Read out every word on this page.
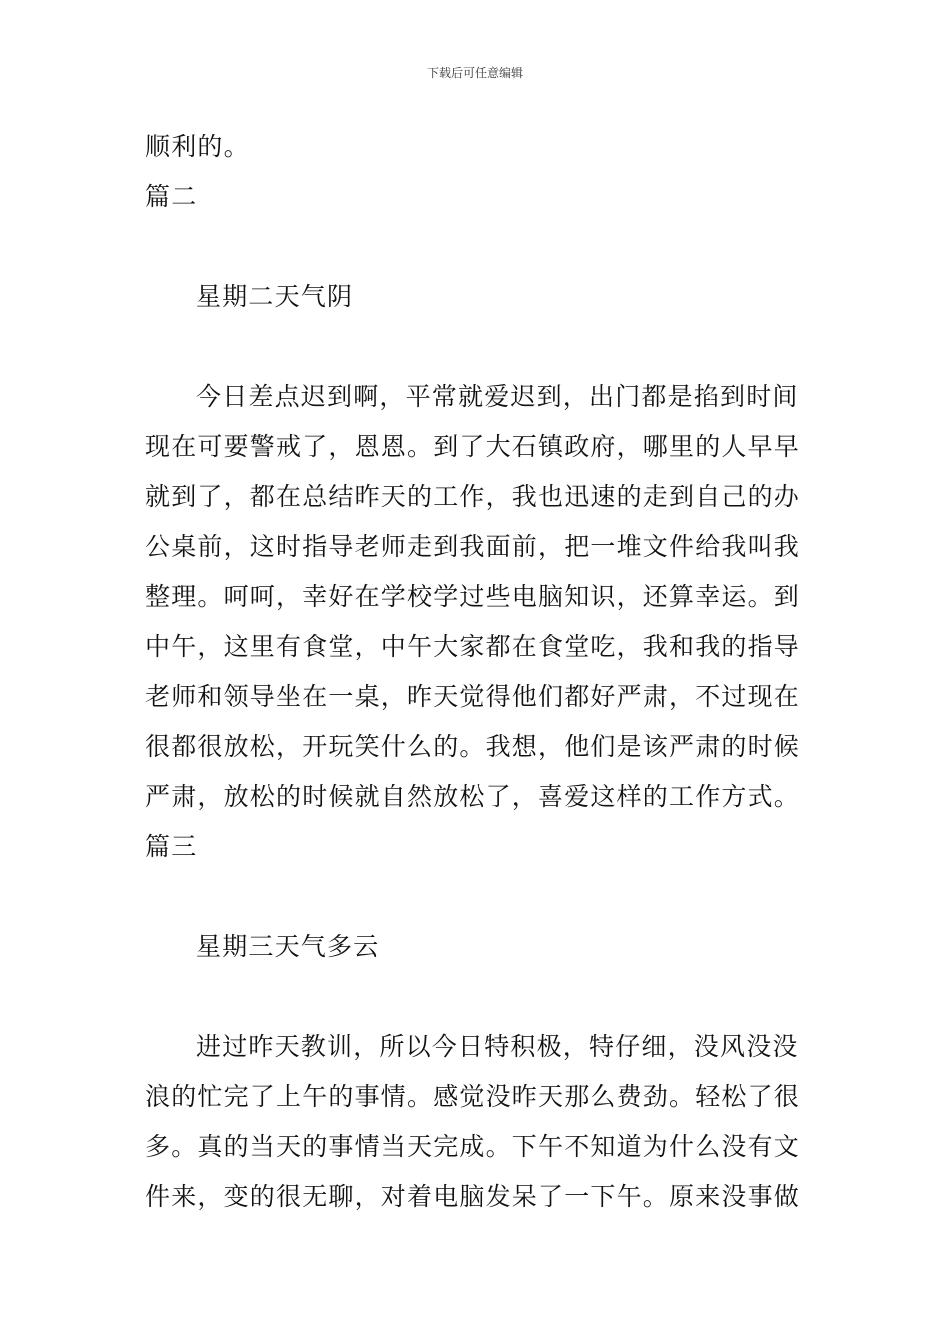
下载后可任意编辑
顺利的。
篇二
星期二天气阴
今日差点迟到啊，平常就爱迟到，出门都是掐到时间
现在可要警戒了，恩恩。到了大石镇政府，哪里的人早早
就到了，都在总结昨天的工作，我也迅速的走到自己的办
公桌前，这时指导老师走到我面前，把一堆文件给我叫我
整理。呵呵，幸好在学校学过些电脑知识，还算幸运。到
中午，这里有食堂，中午大家都在食堂吃，我和我的指导
老师和领导坐在一桌，昨天觉得他们都好严肃，不过现在
很都很放松，开玩笑什么的。我想，他们是该严肃的时候
严肃，放松的时候就自然放松了，喜爱这样的工作方式。
篇三
星期三天气多云
进过昨天教训，所以今日特积极，特仔细，没风没没
浪的忙完了上午的事情。感觉没昨天那么费劲。轻松了很
多。真的当天的事情当天完成。下午不知道为什么没有文
件来，变的很无聊，对着电脑发呆了一下午。原来没事做
